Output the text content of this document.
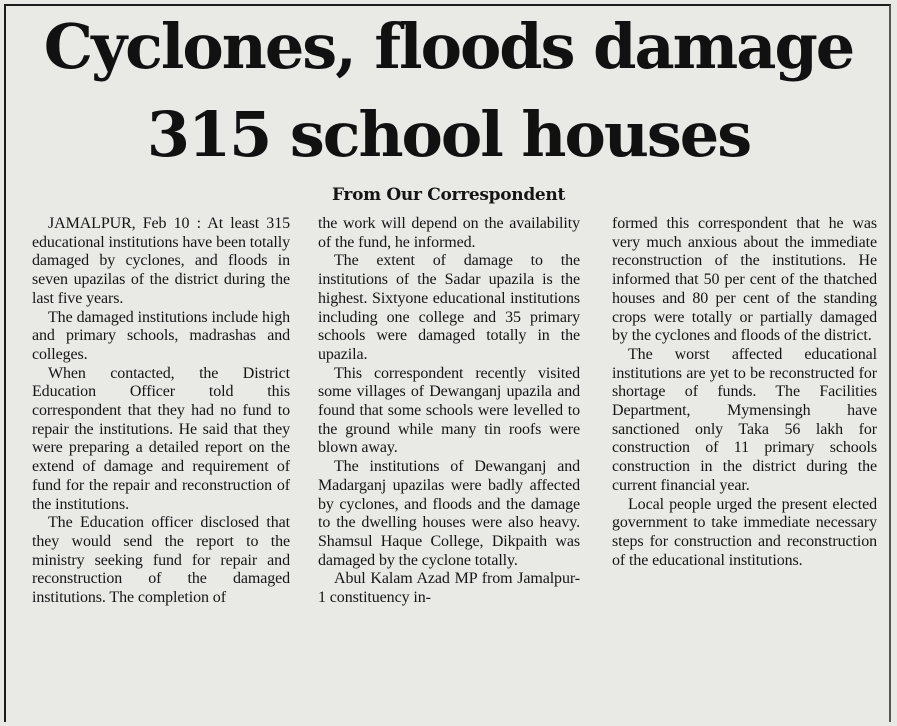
Cyclones, floods damage
315 school houses
From Our Correspondent

JAMALPUR, Feb 10 : At least 315 educational institutions have been totally damaged by cyclones, and floods in seven upazilas of the district during the last five years.

The damaged institutions include high and primary schools, madrashas and colleges.

When contacted, the District Education Officer told this correspondent that they had no fund to repair the institutions. He said that they were preparing a detailed report on the extend of damage and requirement of fund for the repair and reconstruction of the institutions.

The Education officer disclosed that they would send the report to the ministry seeking fund for repair and reconstruction of the damaged institutions. The completion of

the work will depend on the availability of the fund, he informed.

The extent of damage to the institutions of the Sadar upazila is the highest. Sixtyone educational institutions including one college and 35 primary schools were damaged totally in the upazila.

This correspondent recently visited some villages of Dewanganj upazila and found that some schools were levelled to the ground while many tin roofs were blown away.

The institutions of Dewanganj and Madarganj upazilas were badly affected by cyclones, and floods and the damage to the dwelling houses were also heavy. Shamsul Haque College, Dikpaith was damaged by the cyclone totally.

Abul Kalam Azad MP from Jamalpur-1 constituency in-

formed this correspondent that he was very much anxious about the immediate reconstruction of the institutions. He informed that 50 per cent of the thatched houses and 80 per cent of the standing crops were totally or partially damaged by the cyclones and floods of the district.

The worst affected educational institutions are yet to be reconstructed for shortage of funds. The Facilities Department, Mymensingh have sanctioned only Taka 56 lakh for construction of 11 primary schools construction in the district during the current financial year.

Local people urged the present elected government to take immediate necessary steps for construction and reconstruction of the educational institutions.
